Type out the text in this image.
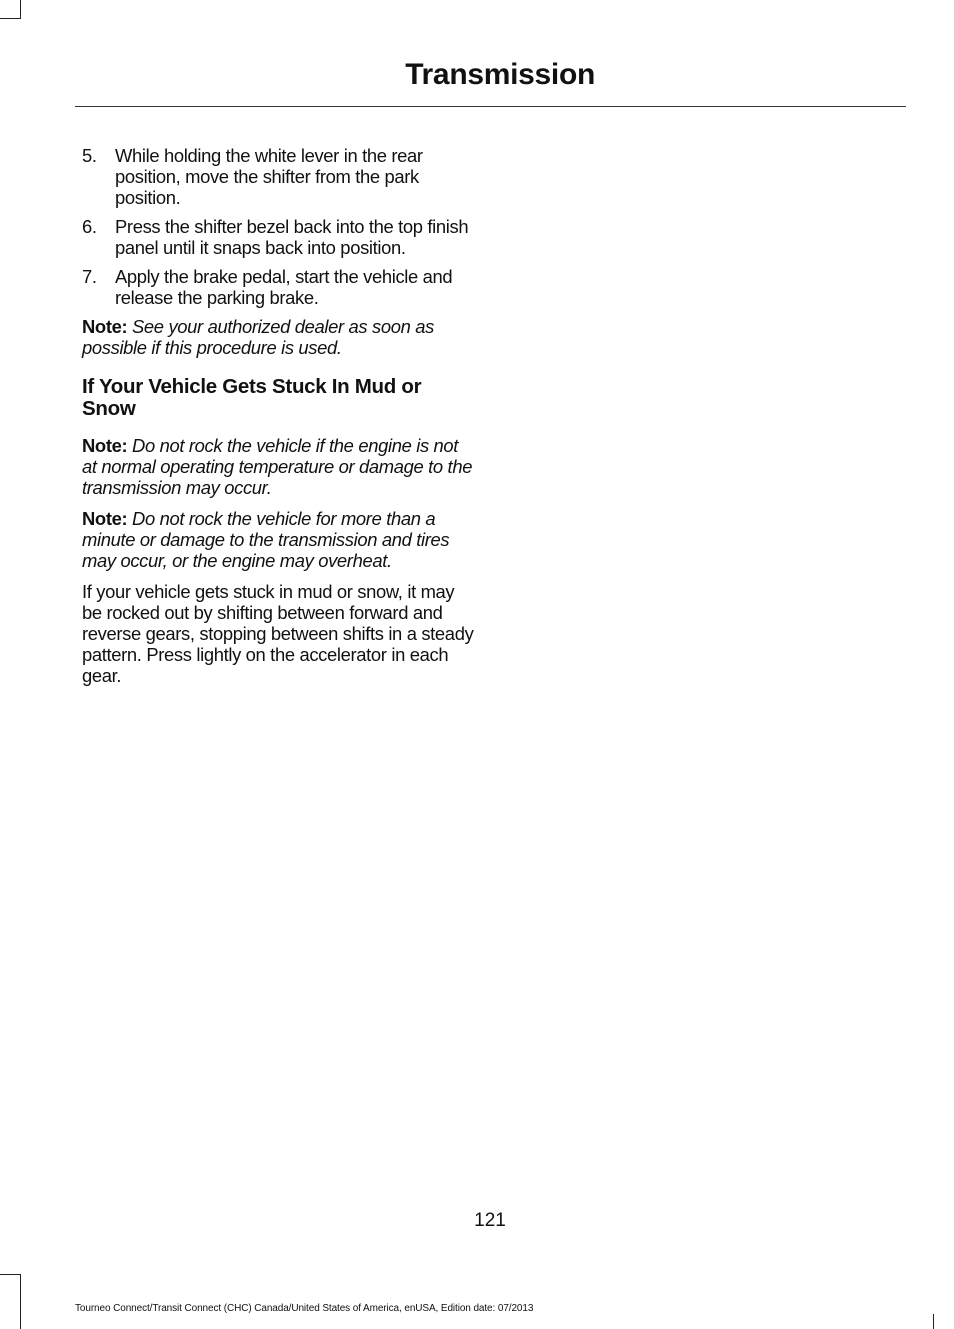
Transmission
5. While holding the white lever in the rear position, move the shifter from the park position.
6. Press the shifter bezel back into the top finish panel until it snaps back into position.
7. Apply the brake pedal, start the vehicle and release the parking brake.

Note: See your authorized dealer as soon as possible if this procedure is used.

If Your Vehicle Gets Stuck In Mud or Snow

Note: Do not rock the vehicle if the engine is not at normal operating temperature or damage to the transmission may occur.

Note: Do not rock the vehicle for more than a minute or damage to the transmission and tires may occur, or the engine may overheat.

If your vehicle gets stuck in mud or snow, it may be rocked out by shifting between forward and reverse gears, stopping between shifts in a steady pattern. Press lightly on the accelerator in each gear.

121

Tourneo Connect/Transit Connect (CHC) Canada/United States of America, enUSA, Edition date: 07/2013
